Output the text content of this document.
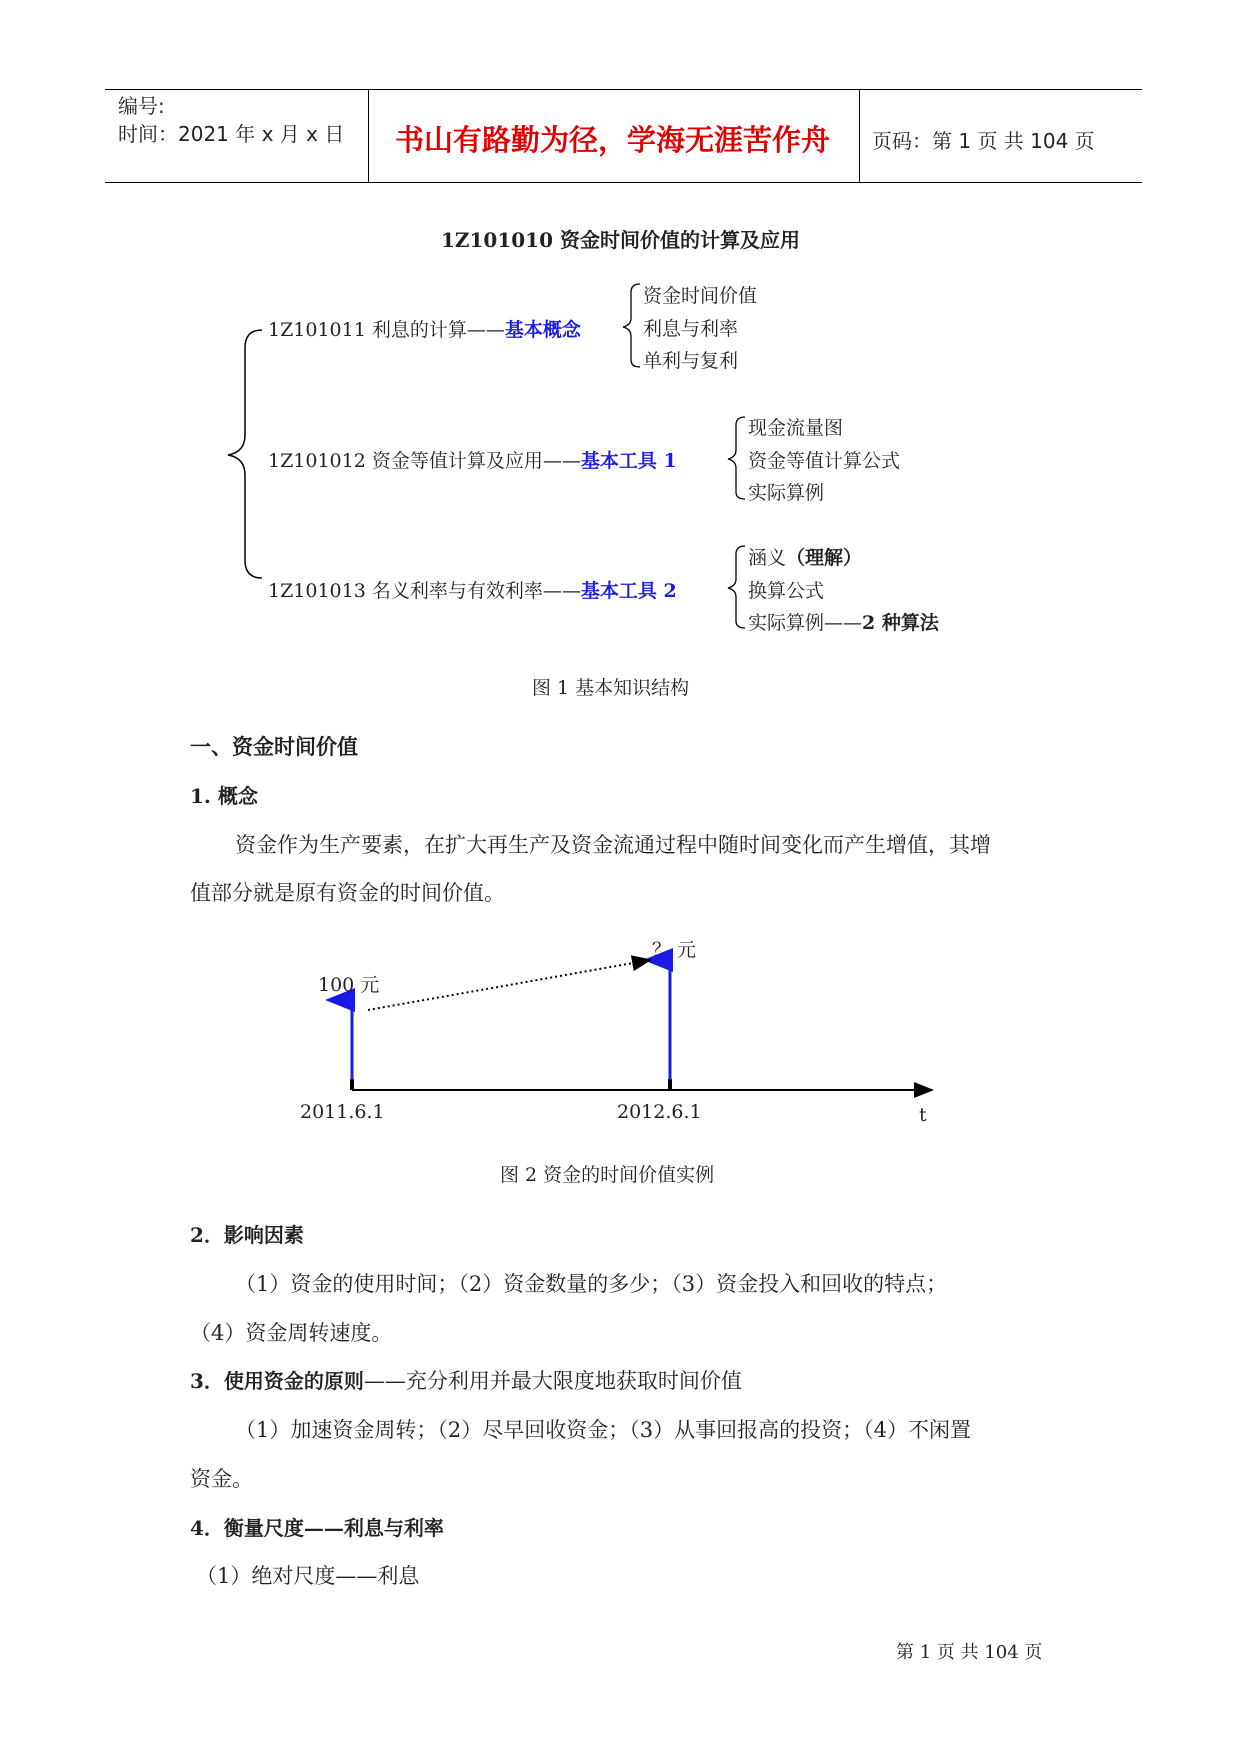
编号:
时间：2021 年 x 月 x 日 书山有路勤为径，学海无涯苦作舟 页码：第 1 页 共 104 页
1Z101010 资金时间价值的计算及应用
1Z101011 利息的计算——基本概念
资金时间价值
利息与利率
单利与复利
1Z101012 资金等值计算及应用——基本工具 1
现金流量图
资金等值计算公式
实际算例
1Z101013 名义利率与有效利率——基本工具 2
涵义（理解）
换算公式
实际算例——2 种算法
图 1 基本知识结构
一、资金时间价值
1. 概念
资金作为生产要素，在扩大再生产及资金流通过程中随时间变化而产生增值，其增
值部分就是原有资金的时间价值。
100 元
？ 元
2011.6.1	2012.6.1	t
图 2 资金的时间价值实例
2．影响因素
（1）资金的使用时间；（2）资金数量的多少；（3）资金投入和回收的特点；
（4）资金周转速度。
3．使用资金的原则——充分利用并最大限度地获取时间价值
（1）加速资金周转；（2）尽早回收资金；（3）从事回报高的投资；（4）不闲置
资金。
4．衡量尺度——利息与利率
（1）绝对尺度——利息
第 1 页 共 104 页
